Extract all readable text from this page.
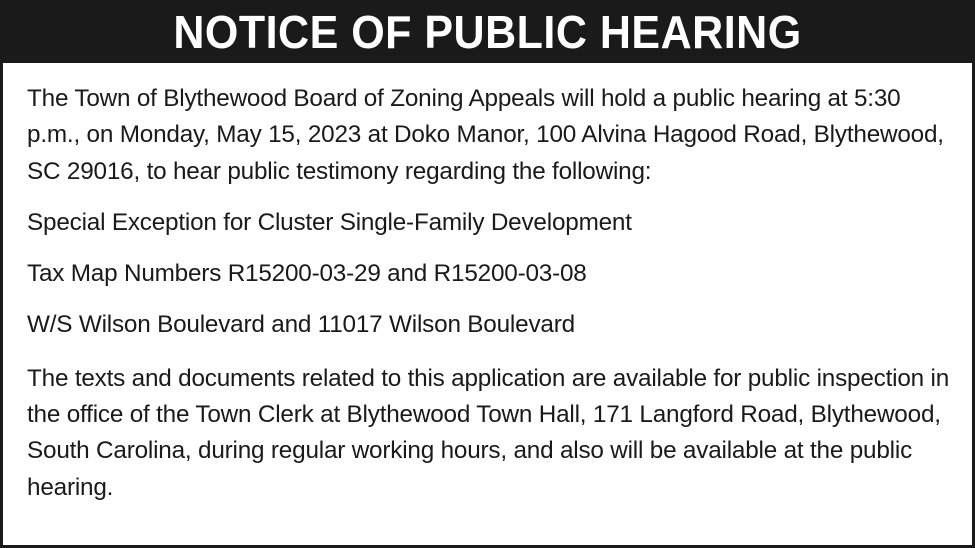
NOTICE OF PUBLIC HEARING

The Town of Blythewood Board of Zoning Appeals will hold a public hearing at 5:30 p.m., on Monday, May 15, 2023 at Doko Manor, 100 Alvina Hagood Road, Blythewood, SC 29016, to hear public testimony regarding the following:

Special Exception for Cluster Single-Family Development

Tax Map Numbers R15200-03-29 and R15200-03-08

W/S Wilson Boulevard and 11017 Wilson Boulevard

The texts and documents related to this application are available for public inspection in the office of the Town Clerk at Blythewood Town Hall, 171 Langford Road, Blythewood, South Carolina, during regular working hours, and also will be available at the public hearing.
